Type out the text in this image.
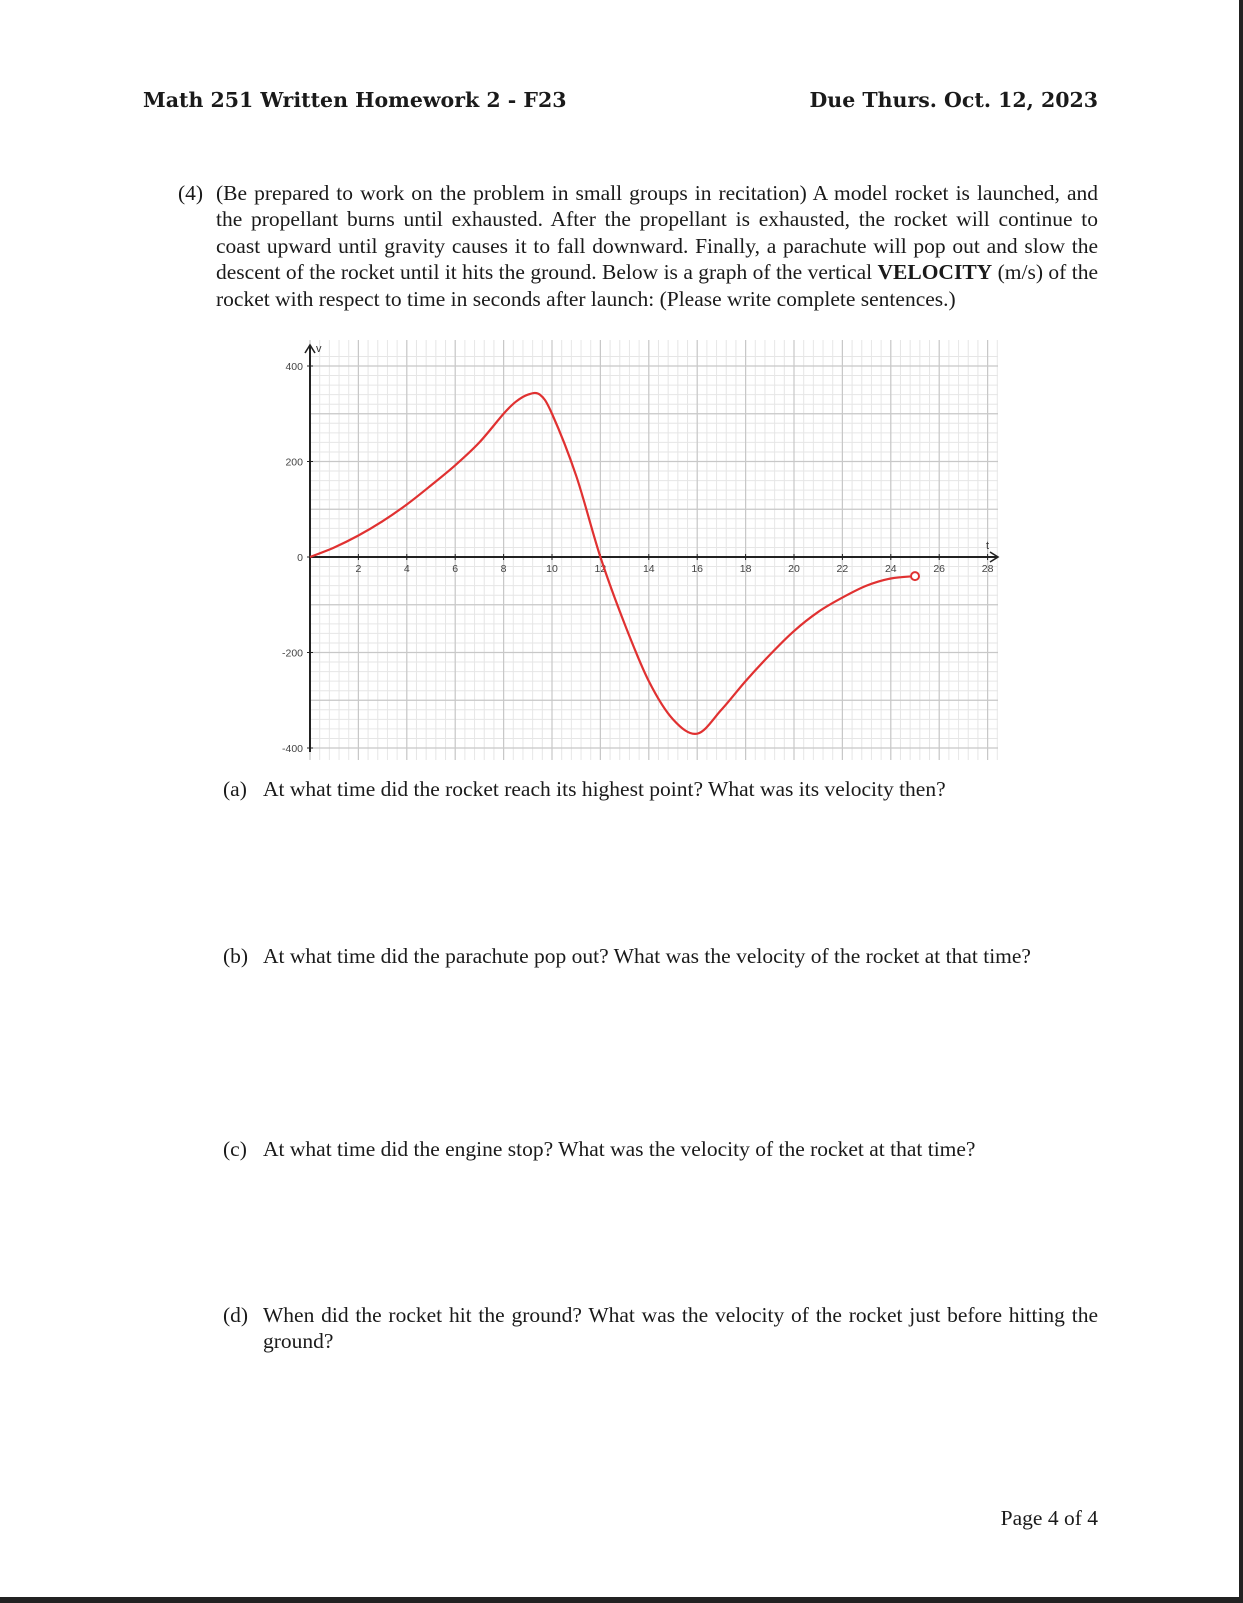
Math 251 Written Homework 2 - F23	Due Thurs. Oct. 12, 2023
(4) (Be prepared to work on the problem in small groups in recitation) A model rocket is launched, and the propellant burns until exhausted. After the propellant is exhausted, the rocket will continue to coast upward until gravity causes it to fall downward. Finally, a parachute will pop out and slow the descent of the rocket until it hits the ground. Below is a graph of the vertical VELOCITY (m/s) of the rocket with respect to time in seconds after launch: (Please write complete sentences.)
v
t
2	4	6	8	10	12	14	16	18	20	22	24	26	28
-400
-200
0
200
400
(a) At what time did the rocket reach its highest point? What was its velocity then?
(b) At what time did the parachute pop out? What was the velocity of the rocket at that time?
(c) At what time did the engine stop? What was the velocity of the rocket at that time?
(d) When did the rocket hit the ground? What was the velocity of the rocket just before hitting the ground?
Page 4 of 4
